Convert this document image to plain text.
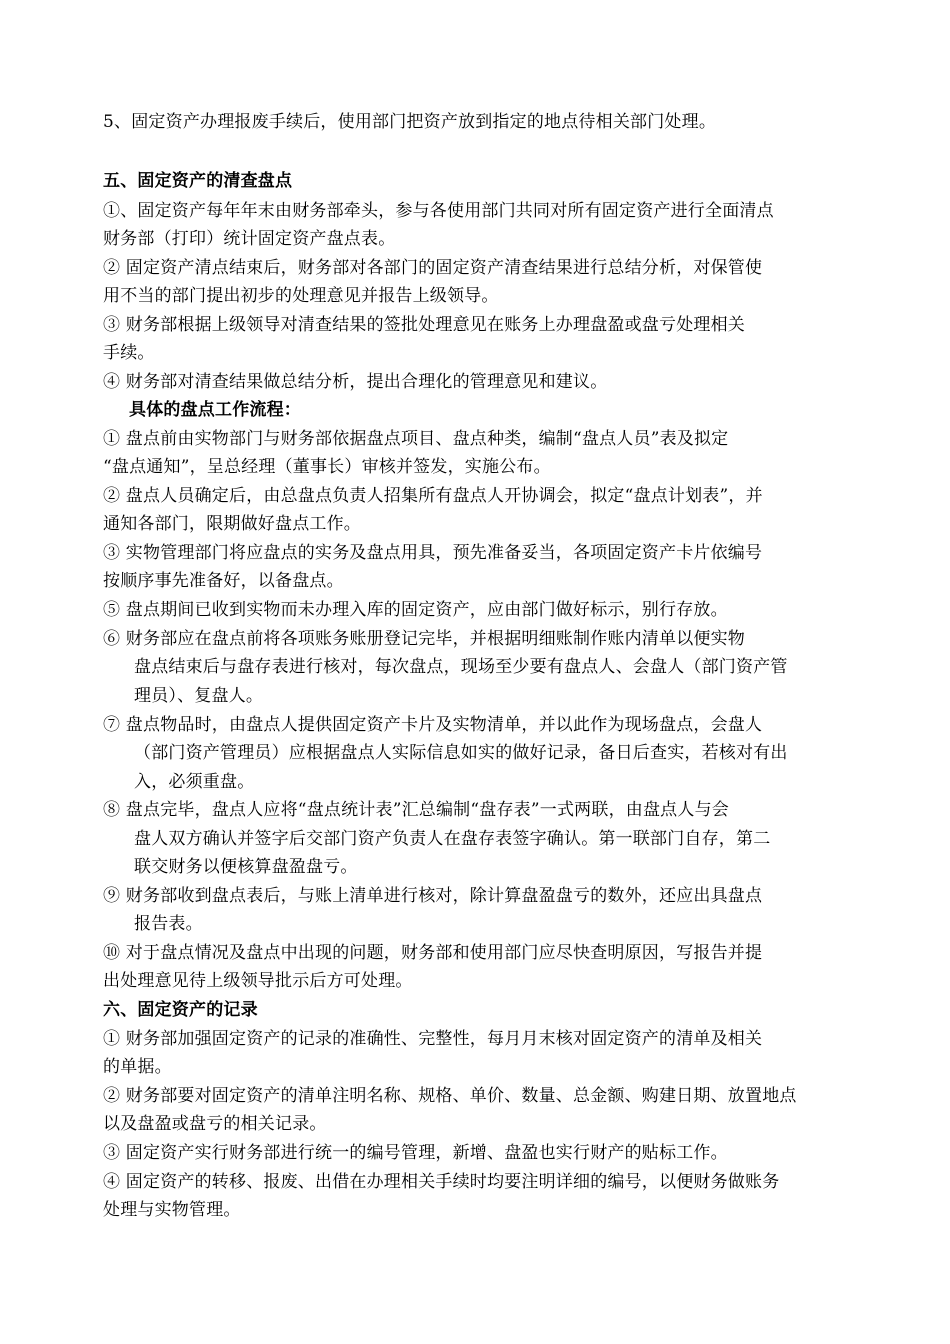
5、固定资产办理报废手续后，使用部门把资产放到指定的地点待相关部门处理。
五、固定资产的清查盘点
①、固定资产每年年末由财务部牵头，参与各使用部门共同对所有固定资产进行全面清点
财务部（打印）统计固定资产盘点表。
② 固定资产清点结束后，财务部对各部门的固定资产清查结果进行总结分析，对保管使
用不当的部门提出初步的处理意见并报告上级领导。
③ 财务部根据上级领导对清查结果的签批处理意见在账务上办理盘盈或盘亏处理相关
手续。
④ 财务部对清查结果做总结分析，提出合理化的管理意见和建议。
具体的盘点工作流程：
① 盘点前由实物部门与财务部依据盘点项目、盘点种类，编制“盘点人员”表及拟定
“盘点通知”，呈总经理（董事长）审核并签发，实施公布。
② 盘点人员确定后，由总盘点负责人招集所有盘点人开协调会，拟定“盘点计划表”，并
通知各部门，限期做好盘点工作。
③ 实物管理部门将应盘点的实务及盘点用具，预先准备妥当，各项固定资产卡片依编号
按顺序事先准备好，以备盘点。
⑤ 盘点期间已收到实物而未办理入库的固定资产，应由部门做好标示，别行存放。
⑥ 财务部应在盘点前将各项账务账册登记完毕，并根据明细账制作账内清单以便实物
盘点结束后与盘存表进行核对，每次盘点，现场至少要有盘点人、会盘人（部门资产管
理员）、复盘人。
⑦ 盘点物品时，由盘点人提供固定资产卡片及实物清单，并以此作为现场盘点，会盘人
（部门资产管理员）应根据盘点人实际信息如实的做好记录，备日后查实，若核对有出
入，必须重盘。
⑧ 盘点完毕，盘点人应将“盘点统计表”汇总编制“盘存表”一式两联，由盘点人与会
盘人双方确认并签字后交部门资产负责人在盘存表签字确认。第一联部门自存，第二
联交财务以便核算盘盈盘亏。
⑨ 财务部收到盘点表后，与账上清单进行核对，除计算盘盈盘亏的数外，还应出具盘点
报告表。
⑩ 对于盘点情况及盘点中出现的问题，财务部和使用部门应尽快查明原因，写报告并提
出处理意见待上级领导批示后方可处理。
六、固定资产的记录
① 财务部加强固定资产的记录的准确性、完整性，每月月末核对固定资产的清单及相关
的单据。
② 财务部要对固定资产的清单注明名称、规格、单价、数量、总金额、购建日期、放置地点
以及盘盈或盘亏的相关记录。
③ 固定资产实行财务部进行统一的编号管理，新增、盘盈也实行财产的贴标工作。
④ 固定资产的转移、报废、出借在办理相关手续时均要注明详细的编号，以便财务做账务
处理与实物管理。
